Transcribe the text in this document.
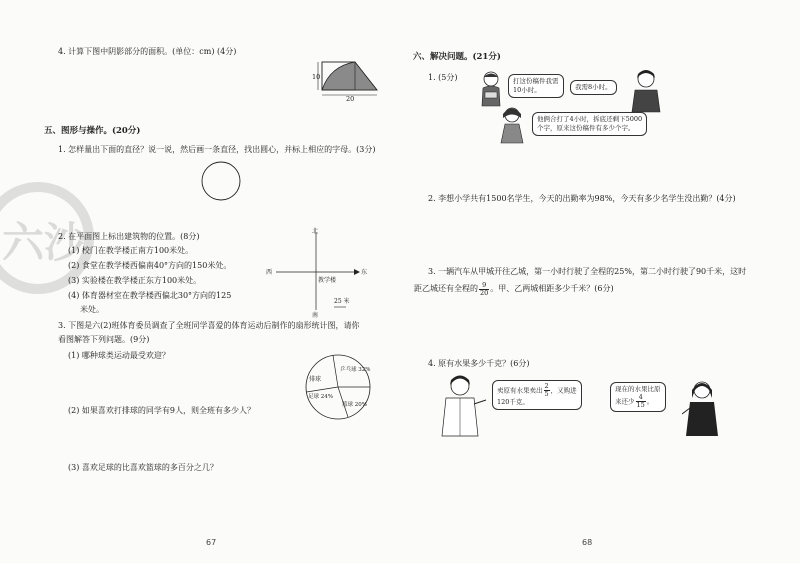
六沙
4. 计算下图中阴影部分的面积。(单位：cm) (4分)
10
20
五、图形与操作。(20分)
1. 怎样量出下面的直径？说一说，然后画一条直径，找出圆心，并标上相应的字母。(3分)
2. 在平面图上标出建筑物的位置。(8分)
(1) 校门在教学楼正南方100米处。
(2) 食堂在教学楼西偏南40°方向的150米处。
(3) 实验楼在教学楼正东方100米处。
(4) 体育器材室在教学楼西偏北30°方向的125
米处。
北
南
西	东
教学楼
25 米
3. 下图是六(2)班体育委员调查了全班同学喜爱的体育运动后制作的扇形统计图，请你
看图解答下列问题。(9分)
(1) 哪种球类运动最受欢迎？
(2) 如果喜欢打排球的同学有9人，则全班有多少人？
(3) 喜欢足球的比喜欢篮球的多百分之几？
乒乓球 32%
排球
足球 24%
篮球 20%
67
六、解决问题。(21分)
1. (5分)	打这份稿件我需
10小时。	我需8小时。
他俩合打了4小时，拆底还剩下5000
个字，原来这份稿件有多少个字。
2. 李想小学共有1500名学生，今天的出勤率为98%，今天有多少名学生没出勤？(4分)
3. 一辆汽车从甲城开往乙城，第一小时行驶了全程的25%，第二小时行驶了90千米，这时
距乙城还有全程的 $\frac{9}{20}$ 。甲、乙两城相距多少千米？(6分)
4. 原有水果多少千克？(6分)
卖原有水果卖出 $\frac{2}{5}$ ，又购进
120千克。
现在的水果比原
来还少 $\frac{4}{15}$ 。
68
